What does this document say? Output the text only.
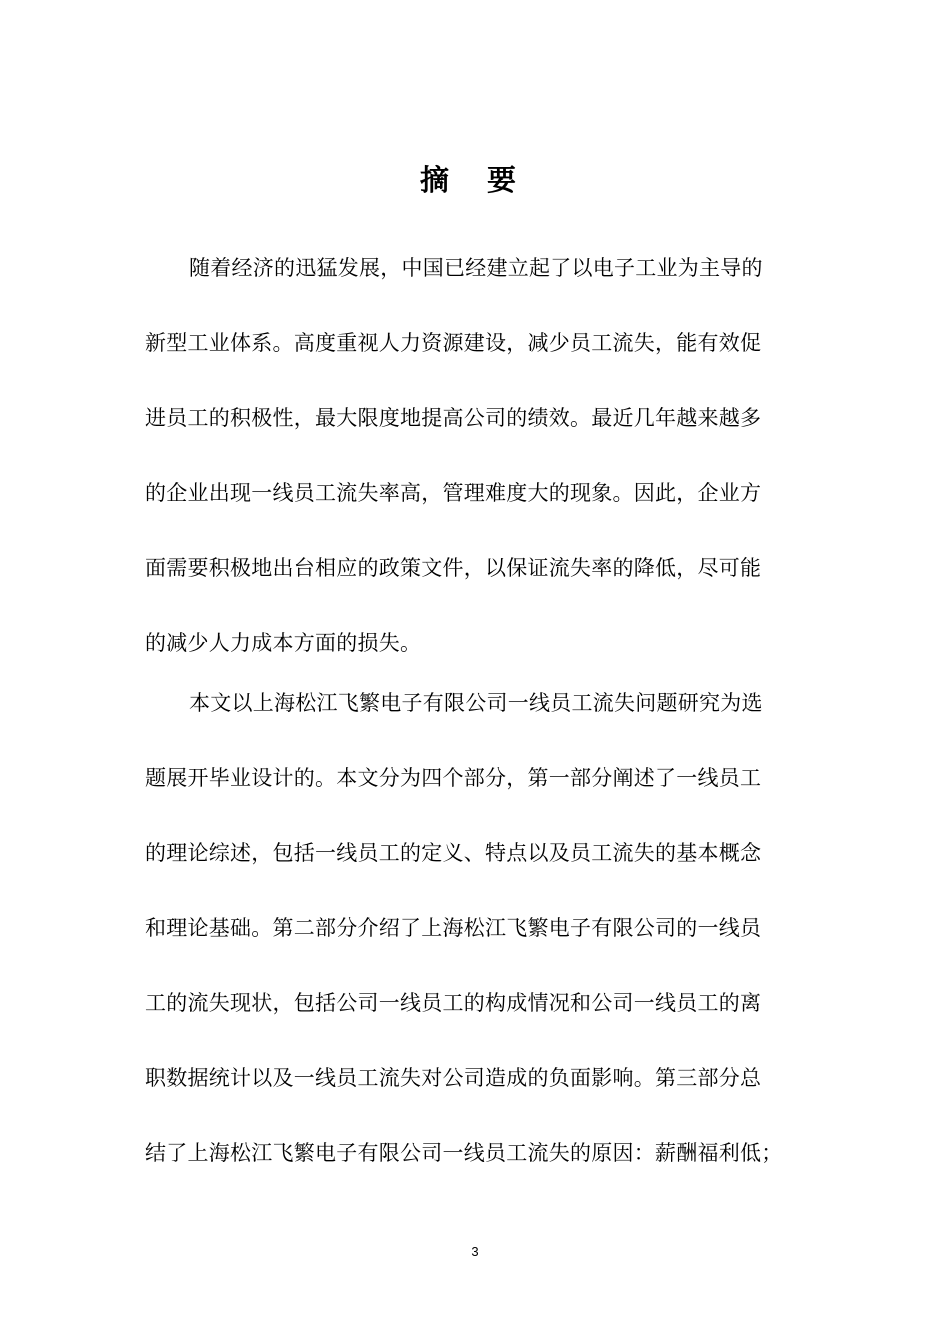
摘 要
随着经济的迅猛发展，中国已经建立起了以电子工业为主导的
新型工业体系。高度重视人力资源建设，减少员工流失，能有效促
进员工的积极性，最大限度地提高公司的绩效。最近几年越来越多
的企业出现一线员工流失率高，管理难度大的现象。因此，企业方
面需要积极地出台相应的政策文件，以保证流失率的降低，尽可能
的减少人力成本方面的损失。
本文以上海松江飞繁电子有限公司一线员工流失问题研究为选
题展开毕业设计的。本文分为四个部分，第一部分阐述了一线员工
的理论综述，包括一线员工的定义、特点以及员工流失的基本概念
和理论基础。第二部分介绍了上海松江飞繁电子有限公司的一线员
工的流失现状，包括公司一线员工的构成情况和公司一线员工的离
职数据统计以及一线员工流失对公司造成的负面影响。第三部分总
结了上海松江飞繁电子有限公司一线员工流失的原因：薪酬福利低；
3
